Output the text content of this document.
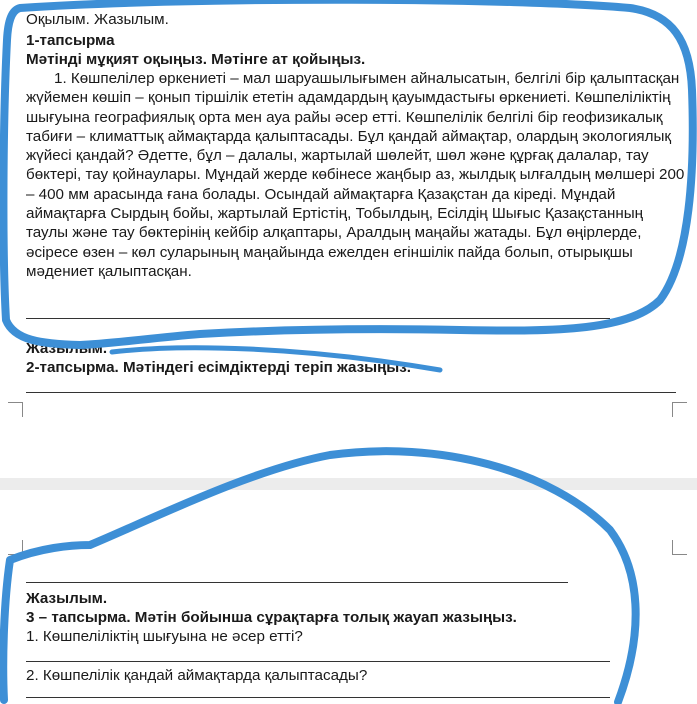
Оқылым. Жазылым.
1-тапсырма
Мәтінді мұқият оқыңыз. Мәтінге ат қойыңыз.
1. Көшпелілер өркениеті – мал шаруашылығымен айналысатын, белгілі бір қалыптасқан жүйемен көшіп – қонып тіршілік ететін адамдардың қауымдастығы өркениеті. Көшпеліліктің шығуына географиялық орта мен ауа райы әсер етті. Көшпелілік белгілі бір геофизикалық табиғи – климаттық аймақтарда қалыптасады. Бұл қандай аймақтар, олардың экологиялық жүйесі қандай? Әдетте, бұл – далалы, жартылай шөлейт, шөл және құрғақ далалар, тау бөктері, тау қойнаулары. Мұндай жерде көбінесе жаңбыр аз, жылдық ылғалдың мөлшері 200 – 400 мм арасында ғана болады. Осындай аймақтарға Қазақстан да кіреді. Мұндай аймақтарға Сырдың бойы, жартылай Ертістің, Тобылдың, Есілдің Шығыс Қазақстанның таулы және тау бөктерінің кейбір алқаптары, Аралдың маңайы жатады. Бұл өңірлерде, әсіресе өзен – көл суларының маңайында ежелден егіншілік пайда болып, отырықшы мәдениет қалыптасқан.
Жазылым.
2-тапсырма. Мәтіндегі есімдіктерді теріп жазыңыз.
Жазылым.
3 – тапсырма. Мәтін бойынша сұрақтарға толық жауап жазыңыз.
1. Көшпеліліктің шығуына не әсер етті?
2. Көшпелілік қандай аймақтарда қалыптасады?
